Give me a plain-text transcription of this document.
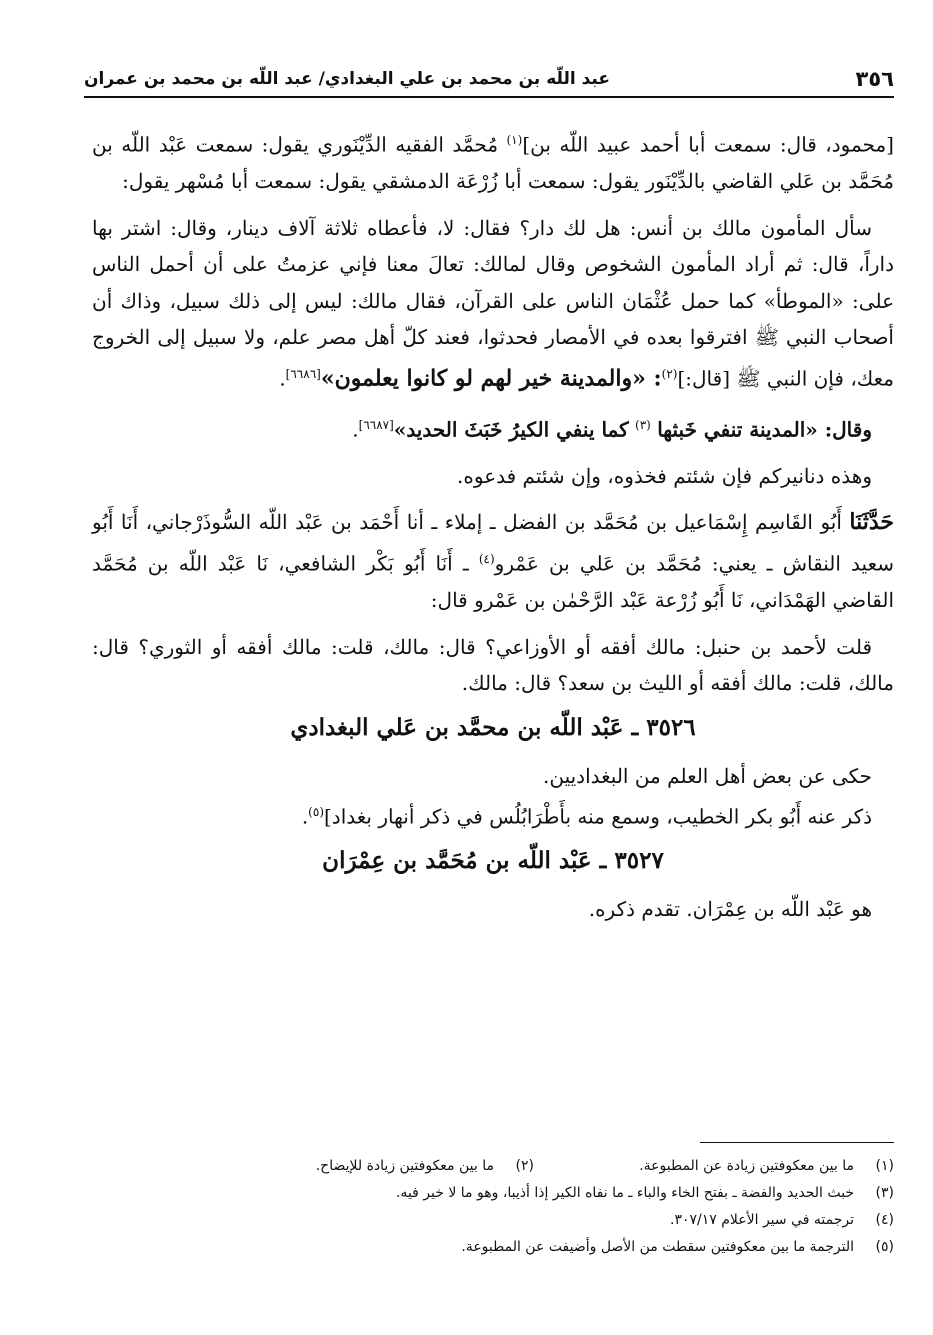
٣٥٦
عبد اللّه بن محمد بن علي البغدادي/ عبد اللّه بن محمد بن عمران

[محمود، قال: سمعت أبا أحمد عبيد اللّه بن]$^{(١)}$ مُحمَّد الفقيه الدِّيْنَوري يقول: سمعت عَبْد اللّه بن مُحَمَّد بن عَلي القاضي بالدِّيْنَور يقول: سمعت أبا زُرْعَة الدمشقي يقول: سمعت أبا مُسْهر يقول:

سأل المأمون مالك بن أنس: هل لك دار؟ فقال: لا، فأعطاه ثلاثة آلاف دينار، وقال: اشتر بها داراً، قال: ثم أراد المأمون الشخوص وقال لمالك: تعالَ معنا فإني عزمتُ على أن أحمل الناس على: «الموطأ» كما حمل عُثْمَان الناس على القرآن، فقال مالك: ليس إلى ذلك سبيل، وذاك أن أصحاب النبي ﷺ افترقوا بعده في الأمصار فحدثوا، فعند كلّ أهل مصر علم، ولا سبيل إلى الخروج معك، فإن النبي ﷺ [قال:]$^{(٢)}$: «والمدينة خير لهم لو كانوا يعلمون»[٦٦٨٦].

وقال: «المدينة تنفي خَبثها $^{(٣)}$ كما ينفي الكيرُ خَبَثَ الحديد»[٦٦٨٧].

وهذه دنانيركم فإن شئتم فخذوه، وإن شئتم فدعوه.

حَدَّثَنَا أَبُو القَاسِم إِسْمَاعيل بن مُحَمَّد بن الفضل ـ إملاء ـ أنا أَحْمَد بن عَبْد اللّه السُّوذَرْجاني، أَنَا أَبُو سعيد النقاش ـ يعني: مُحَمَّد بن عَلي بن عَمْرو$^{(٤)}$ ـ أَنَا أَبُو بَكْر الشافعي، نَا عَبْد اللّه بن مُحَمَّد القاضي الهَمْدَاني، نَا أَبُو زُرْعة عَبْد الرَّحْمٰن بن عَمْرو قال:

قلت لأحمد بن حنبل: مالك أفقه أو الأوزاعي؟ قال: مالك، قلت: مالك أفقه أو الثوري؟ قال: مالك، قلت: مالك أفقه أو الليث بن سعد؟ قال: مالك.

٣٥٢٦ ـ عَبْد اللّه بن محمَّد بن عَلي البغدادي

حكى عن بعض أهل العلم من البغداديين.

ذكر عنه أَبُو بكر الخطيب، وسمع منه بأَطْرَابُلُس في ذكر أنهار بغداد]$^{(٥)}$.

٣٥٢٧ ـ عَبْد اللّه بن مُحَمَّد بن عِمْرَان

هو عَبْد اللّه بن عِمْرَان. تقدم ذكره.

(١)
ما بين معكوفتين زيادة عن المطبوعة.
(٢)
ما بين معكوفتين زيادة للإيضاح.
(٣)
خبث الحديد والفضة ـ بفتح الخاء والباء ـ ما نفاه الكير إذا أذيبا، وهو ما لا خير فيه.
(٤)
ترجمته في سير الأعلام ٣٠٧/١٧.
(٥)
الترجمة ما بين معكوفتين سقطت من الأصل وأضيفت عن المطبوعة.
